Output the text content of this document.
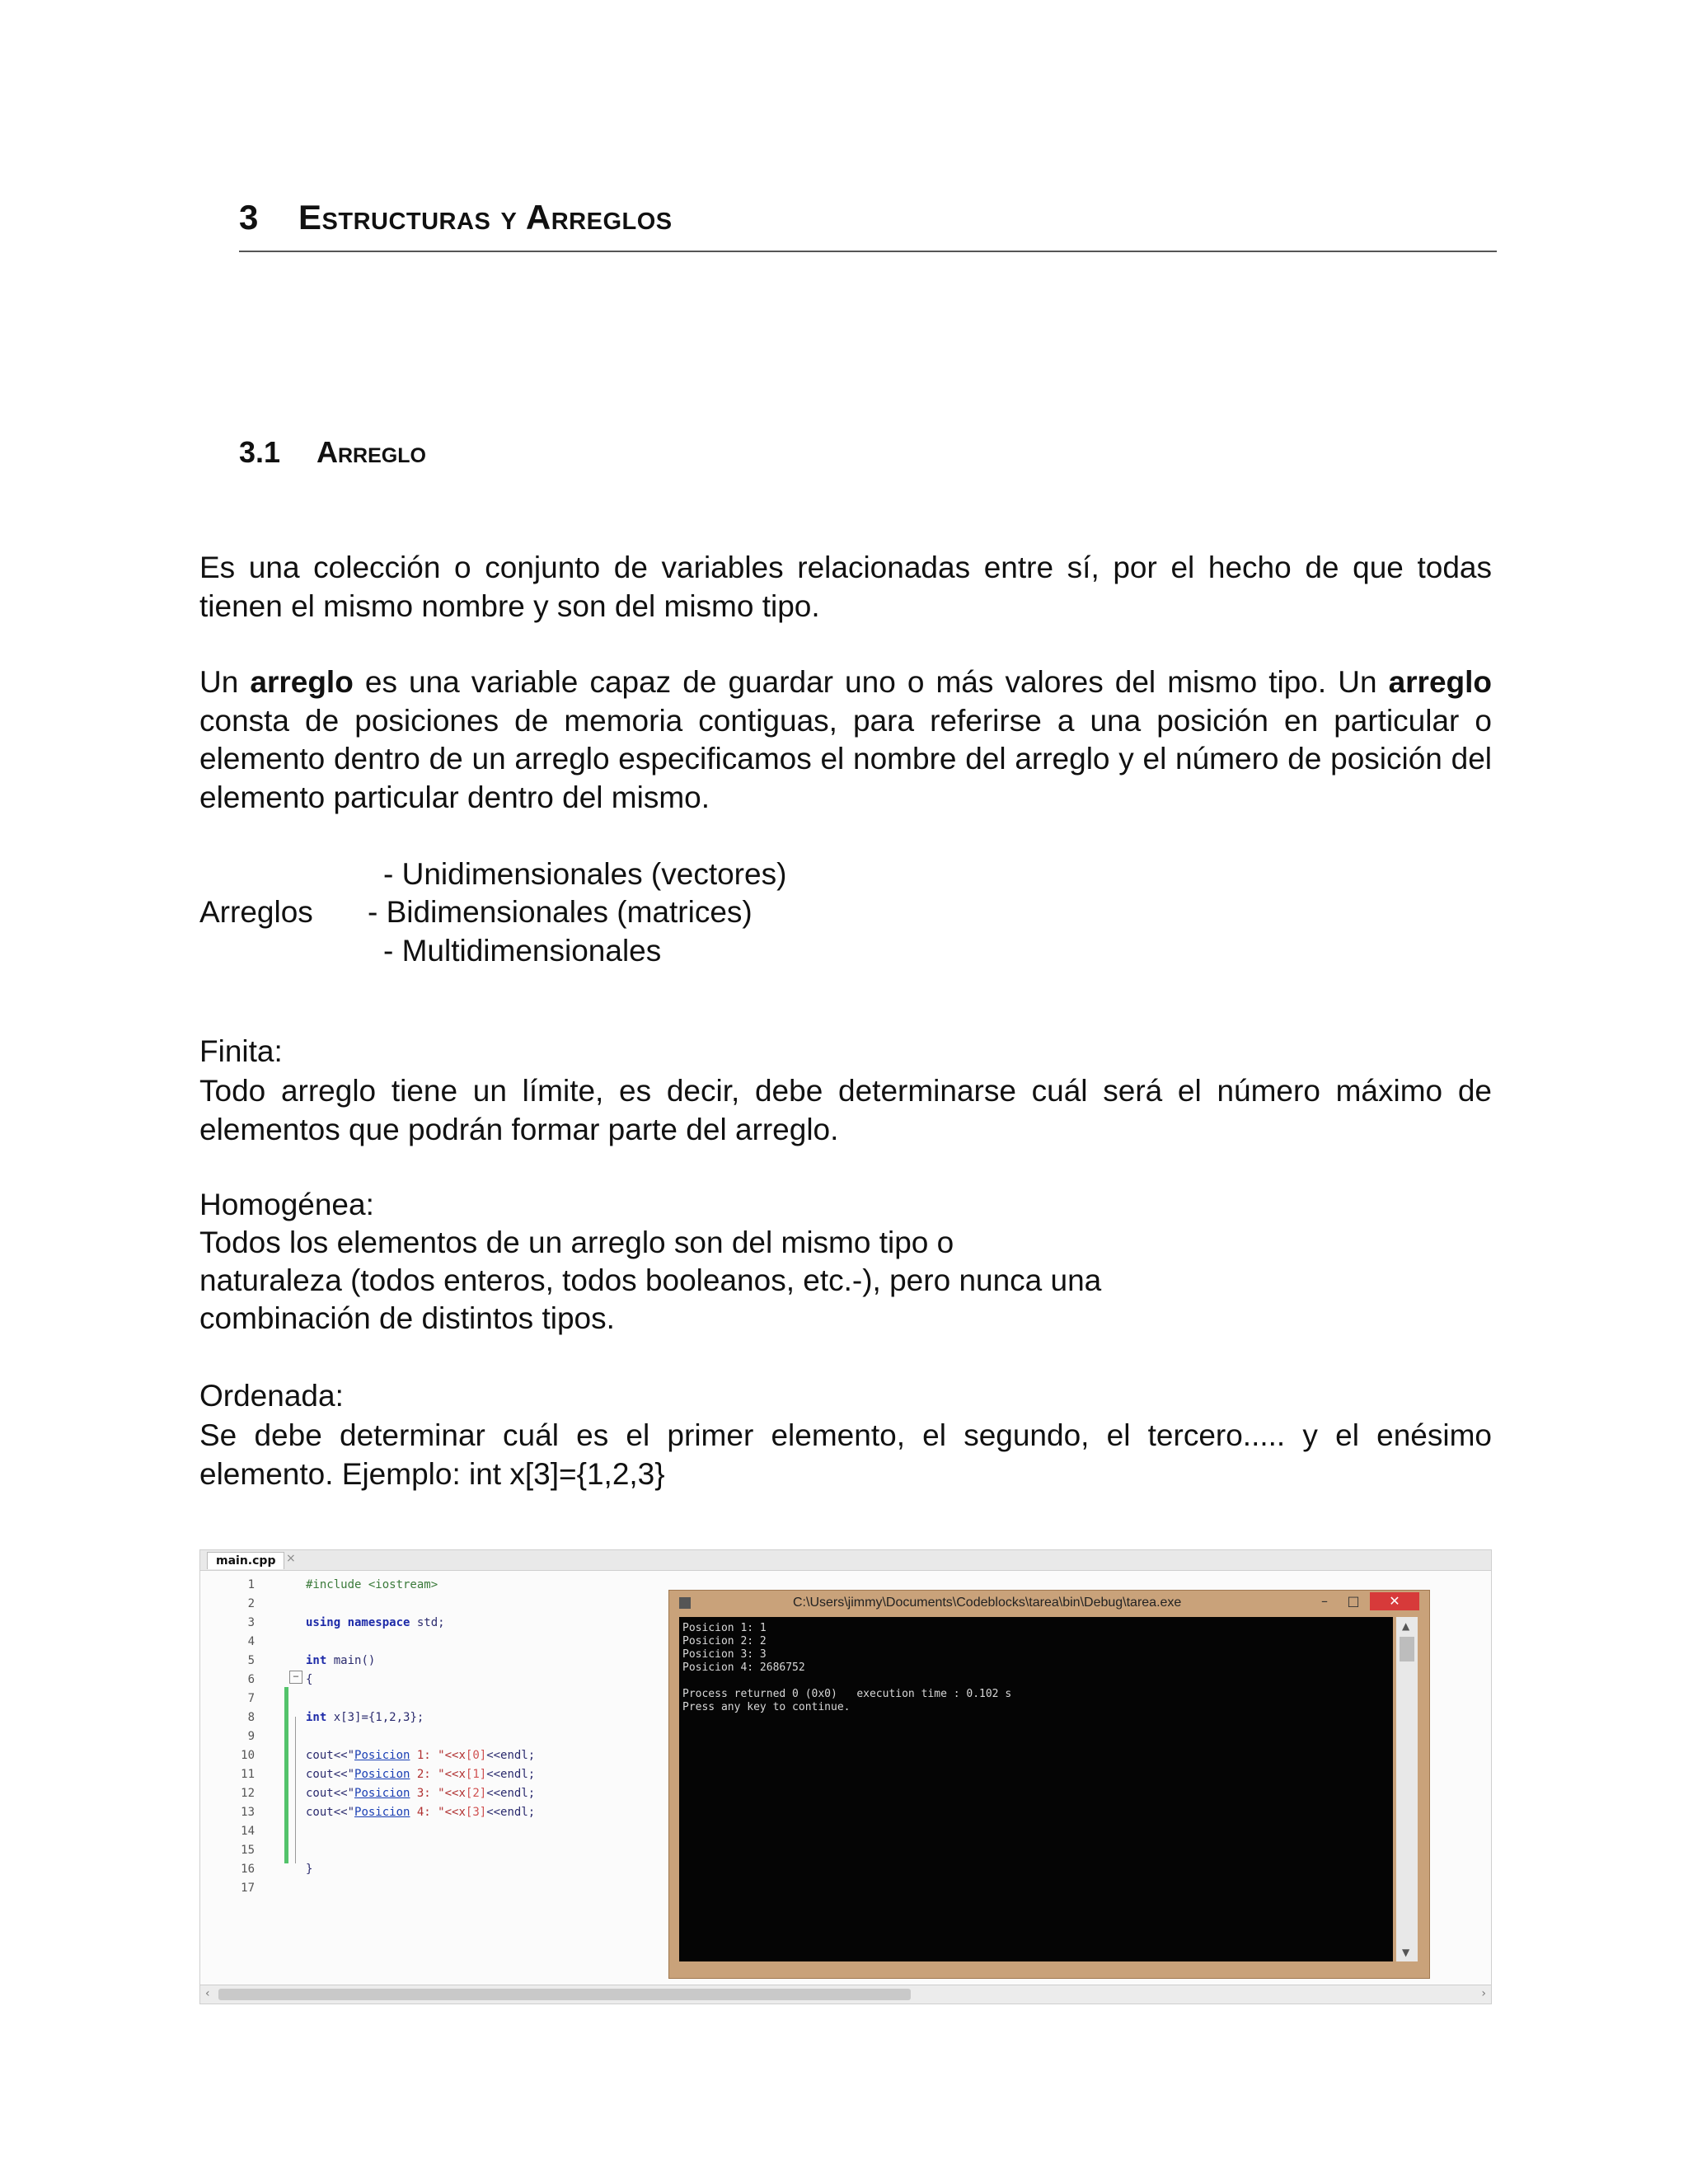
3 Estructuras y Arreglos
3.1 Arreglo
Es una colección o conjunto de variables relacionadas entre sí, por el hecho de que todas tienen el mismo nombre y son del mismo tipo.
Un arreglo es una variable capaz de guardar uno o más valores del mismo tipo. Un arreglo consta de posiciones de memoria contiguas, para referirse a una posición en particular o elemento dentro de un arreglo especificamos el nombre del arreglo y el número de posición del elemento particular dentro del mismo.
- Unidimensionales (vectores)
Arreglos - Bidimensionales (matrices)
- Multidimensionales
Finita:
Todo arreglo tiene un límite, es decir, debe determinarse cuál será el número máximo de elementos que podrán formar parte del arreglo.
Homogénea:
Todos los elementos de un arreglo son del mismo tipo o
naturaleza (todos enteros, todos booleanos, etc.-), pero nunca una
combinación de distintos tipos.
Ordenada:
Se debe determinar cuál es el primer elemento, el segundo, el tercero..... y el enésimo elemento. Ejemplo: int x[3]={1,2,3}
main.cpp ×
1
2
3
4
5
6
7
8
9
10
11
12
13
14
15
16
17
−
#include <iostream>
using namespace std;
int main()
{
int x[3]={1,2,3};
cout<<"Posicion 1: "<<x[0]<<endl;
cout<<"Posicion 2: "<<x[1]<<endl;
cout<<"Posicion 3: "<<x[2]<<endl;
cout<<"Posicion 4: "<<x[3]<<endl;
}
C:\Users\jimmy\Documents\Codeblocks\tarea\bin\Debug\tarea.exe	–	□	✕
Posicion 1: 1
Posicion 2: 2
Posicion 3: 3
Posicion 4: 2686752
Process returned 0 (0x0)   execution time : 0.102 s
Press any key to continue.
▲
▼
‹	›
